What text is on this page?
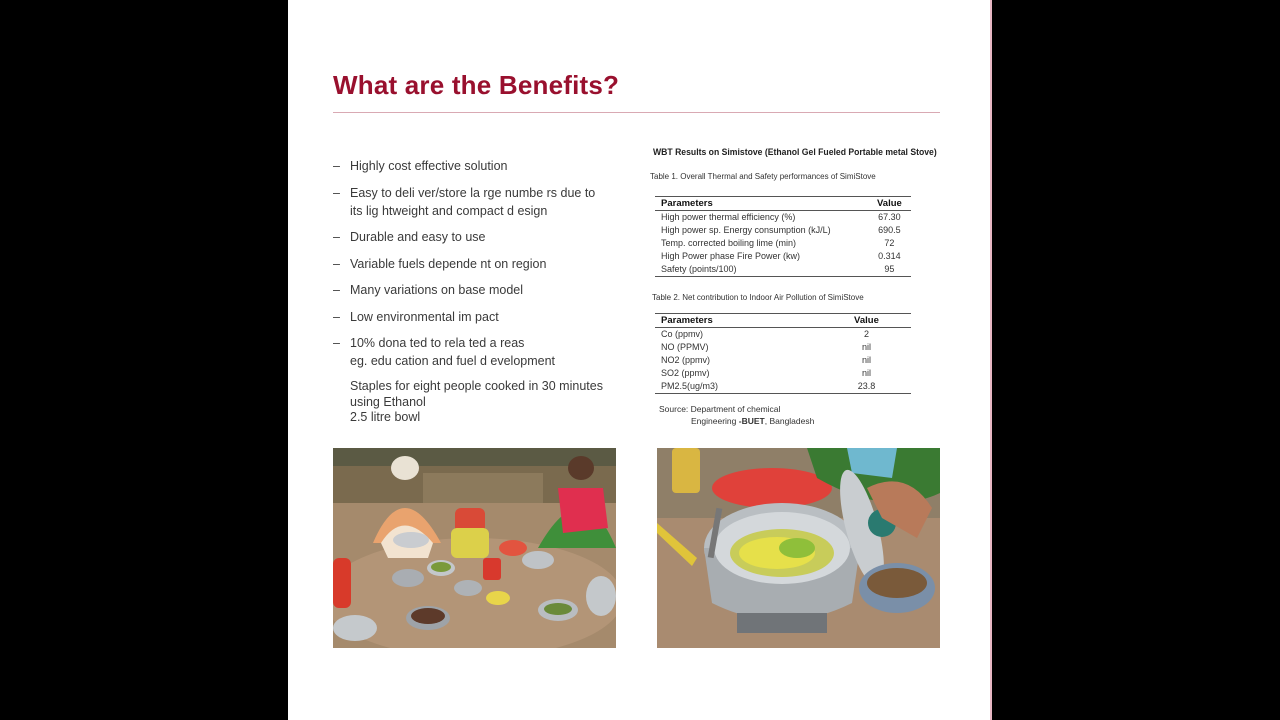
What are the Benefits?
– Highly cost effective solution
– Easy to deli ver/store la rge numbe rs due to
its lig htweight and compact d esign
– Durable and easy to use
– Variable fuels depende nt on region
– Many variations on base model
– Low environmental im pact
– 10% dona ted to rela ted a reas
eg. edu cation and fuel d evelopment
Staples for eight people cooked in 30 minutes
using Ethanol
2.5 litre bowl
WBT Results on Simistove (Ethanol Gel Fueled Portable metal Stove)
Table 1. Overall Thermal and Safety performances of SimiStove
Parameters	Value
High power thermal efficiency (%)	67.30
High power sp. Energy consumption (kJ/L)	690.5
Temp. corrected boiling lime (min)	72
High Power phase Fire Power (kw)	0.314
Safety (points/100)	95
Table 2. Net contribution to Indoor Air Pollution of SimiStove
Parameters	Value
Co (ppmv)	2
NO (PPMV)	nil
NO2 (ppmv)	nil
SO2 (ppmv)	nil
PM2.5(ug/m3)	23.8
Source: Department of chemical
Engineering -BUET, Bangladesh
